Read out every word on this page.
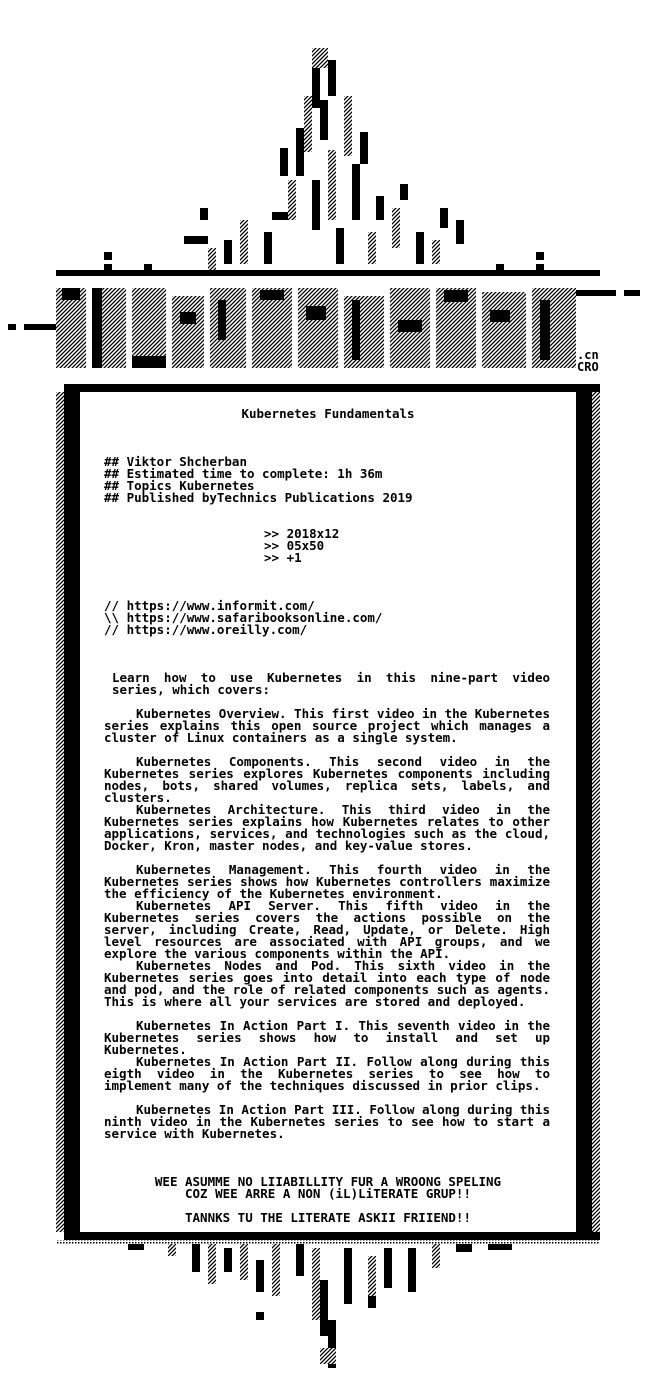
.cn
CRO
Kubernetes Fundamentals
## Viktor Shcherban
## Estimated time to complete: 1h 36m
## Topics Kubernetes
## Published byTechnics Publications 2019
>> 2018x12
>> 05x50
>> +1
// https://www.informit.com/
\\ https://www.safaribooksonline.com/
// https://www.oreilly.com/
Learn how to use Kubernetes in this nine-part video series, which covers:
Kubernetes Overview. This first video in the Kubernetes series explains this open source project which manages a cluster of Linux containers as a single system.
Kubernetes Components. This second video in the Kubernetes series explores Kubernetes components including nodes, bots, shared volumes, replica sets, labels, and clusters.
Kubernetes Architecture. This third video in the Kubernetes series explains how Kubernetes relates to other applications, services, and technologies such as the cloud, Docker, Kron, master nodes, and key-value stores.
Kubernetes Management. This fourth video in the Kubernetes series shows how Kubernetes controllers maximize the efficiency of the Kubernetes environment.
Kubernetes API Server. This fifth video in the Kubernetes series covers the actions possible on the server, including Create, Read, Update, or Delete. High level resources are associated with API groups, and we explore the various components within the API.
Kubernetes Nodes and Pod. This sixth video in the Kubernetes series goes into detail into each type of node and pod, and the role of related components such as agents. This is where all your services are stored and deployed.
Kubernetes In Action Part I. This seventh video in the Kubernetes series shows how to install and set up Kubernetes.
Kubernetes In Action Part II. Follow along during this eigth video in the Kubernetes series to see how to implement many of the techniques discussed in prior clips.
Kubernetes In Action Part III. Follow along during this ninth video in the Kubernetes series to see how to start a service with Kubernetes.
WEE ASUMME NO LIIABILLITY FUR A WROONG SPELING
COZ WEE ARRE A NON (iL)LiTERATE GRUP!!
TANNKS TU THE LITERATE ASKII FRIIEND!!
